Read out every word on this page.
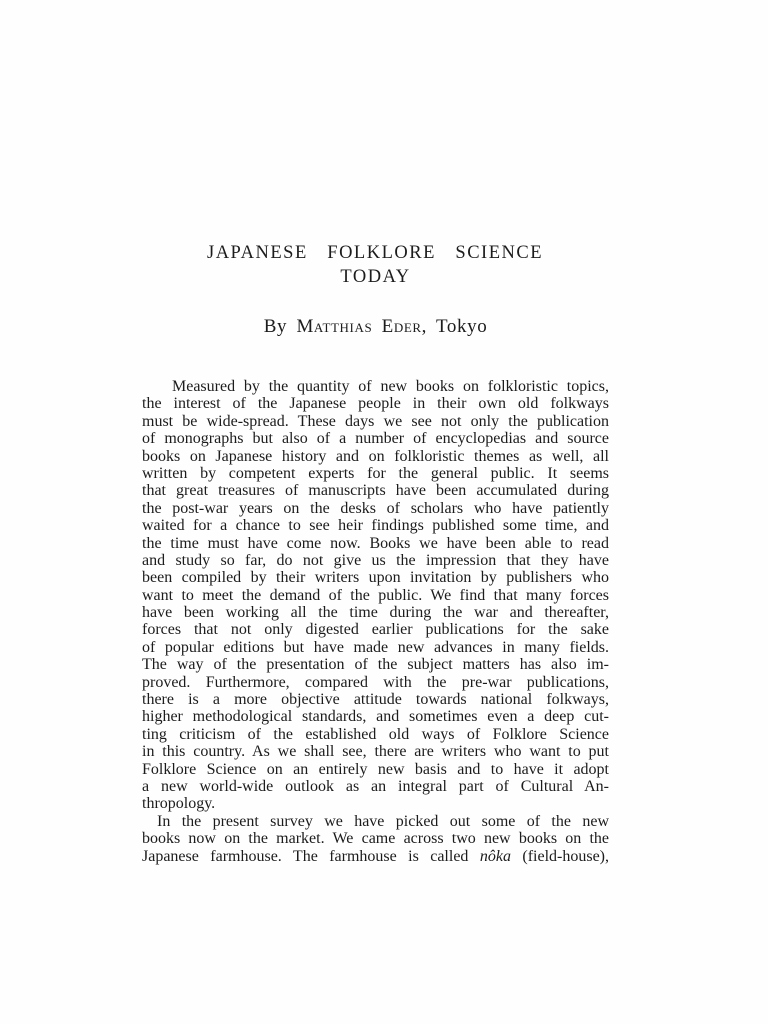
JAPANESE FOLKLORE SCIENCE
TODAY
By Matthias Eder, Tokyo
Measured by the quantity of new books on folkloristic topics,
the interest of the Japanese people in their own old folkways
must be wide-spread. These days we see not only the publication
of monographs but also of a number of encyclopedias and source
books on Japanese history and on folkloristic themes as well, all
written by competent experts for the general public. It seems
that great treasures of manuscripts have been accumulated during
the post-war years on the desks of scholars who have patiently
waited for a chance to see heir findings published some time, and
the time must have come now. Books we have been able to read
and study so far, do not give us the impression that they have
been compiled by their writers upon invitation by publishers who
want to meet the demand of the public. We find that many forces
have been working all the time during the war and thereafter,
forces that not only digested earlier publications for the sake
of popular editions but have made new advances in many fields.
The way of the presentation of the subject matters has also im-
proved. Furthermore, compared with the pre-war publications,
there is a more objective attitude towards national folkways,
higher methodological standards, and sometimes even a deep cut-
ting criticism of the established old ways of Folklore Science
in this country. As we shall see, there are writers who want to put
Folklore Science on an entirely new basis and to have it adopt
a new world-wide outlook as an integral part of Cultural An-
thropology.
In the present survey we have picked out some of the new
books now on the market. We came across two new books on the
Japanese farmhouse. The farmhouse is called nôka (field-house),
